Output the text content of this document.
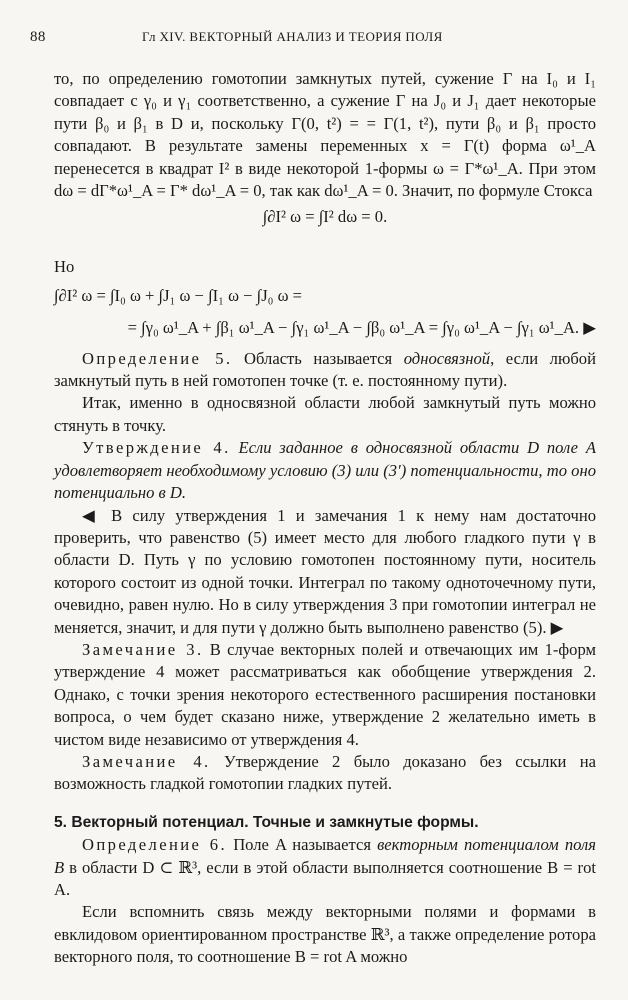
88	Гл XIV. ВЕКТОРНЫЙ АНАЛИЗ И ТЕОРИЯ ПОЛЯ

то, по определению гомотопии замкнутых путей, сужение Γ на I₀ и I₁ совпадает с γ₀ и γ₁ соответственно, а сужение Γ на J₀ и J₁ дает некоторые пути β₀ и β₁ в D и, поскольку Γ(0, t²) = = Γ(1, t²), пути β₀ и β₁ просто совпадают. В результате замены переменных x = Γ(t) форма ω¹_A перенесется в квадрат I² в виде некоторой 1-формы ω = Γ*ω¹_A. При этом dω = dΓ*ω¹_A = Γ* dω¹_A = 0, так как dω¹_A = 0. Значит, по формуле Стокса

∫∂I² ω = ∫I² dω = 0.

Но

∫∂I² ω = ∫I₀ ω + ∫J₁ ω − ∫I₁ ω − ∫J₀ ω =
= ∫γ₀ ω¹_A + ∫β₁ ω¹_A − ∫γ₁ ω¹_A − ∫β₀ ω¹_A = ∫γ₀ ω¹_A − ∫γ₁ ω¹_A. ▶

Определение 5. Область называется односвязной, если любой замкнутый путь в ней гомотопен точке (т. е. постоянному пути).

Итак, именно в односвязной области любой замкнутый путь можно стянуть в точку.

Утверждение 4. Если заданное в односвязной области D поле A удовлетворяет необходимому условию (3) или (3′) потенциальности, то оно потенциально в D.

◀ В силу утверждения 1 и замечания 1 к нему нам достаточно проверить, что равенство (5) имеет место для любого гладкого пути γ в области D. Путь γ по условию гомотопен постоянному пути, носитель которого состоит из одной точки. Интеграл по такому одноточечному пути, очевидно, равен нулю. Но в силу утверждения 3 при гомотопии интеграл не меняется, значит, и для пути γ должно быть выполнено равенство (5). ▶

Замечание 3. В случае векторных полей и отвечающих им 1-форм утверждение 4 может рассматриваться как обобщение утверждения 2. Однако, с точки зрения некоторого естественного расширения постановки вопроса, о чем будет сказано ниже, утверждение 2 желательно иметь в чистом виде независимо от утверждения 4.

Замечание 4. Утверждение 2 было доказано без ссылки на возможность гладкой гомотопии гладких путей.

5. Векторный потенциал. Точные и замкнутые формы.

Определение 6. Поле A называется векторным потенциалом поля B в области D ⊂ ℝ³, если в этой области выполняется соотношение B = rot A.

Если вспомнить связь между векторными полями и формами в евклидовом ориентированном пространстве ℝ³, а также определение ротора векторного поля, то соотношение B = rot A можно
